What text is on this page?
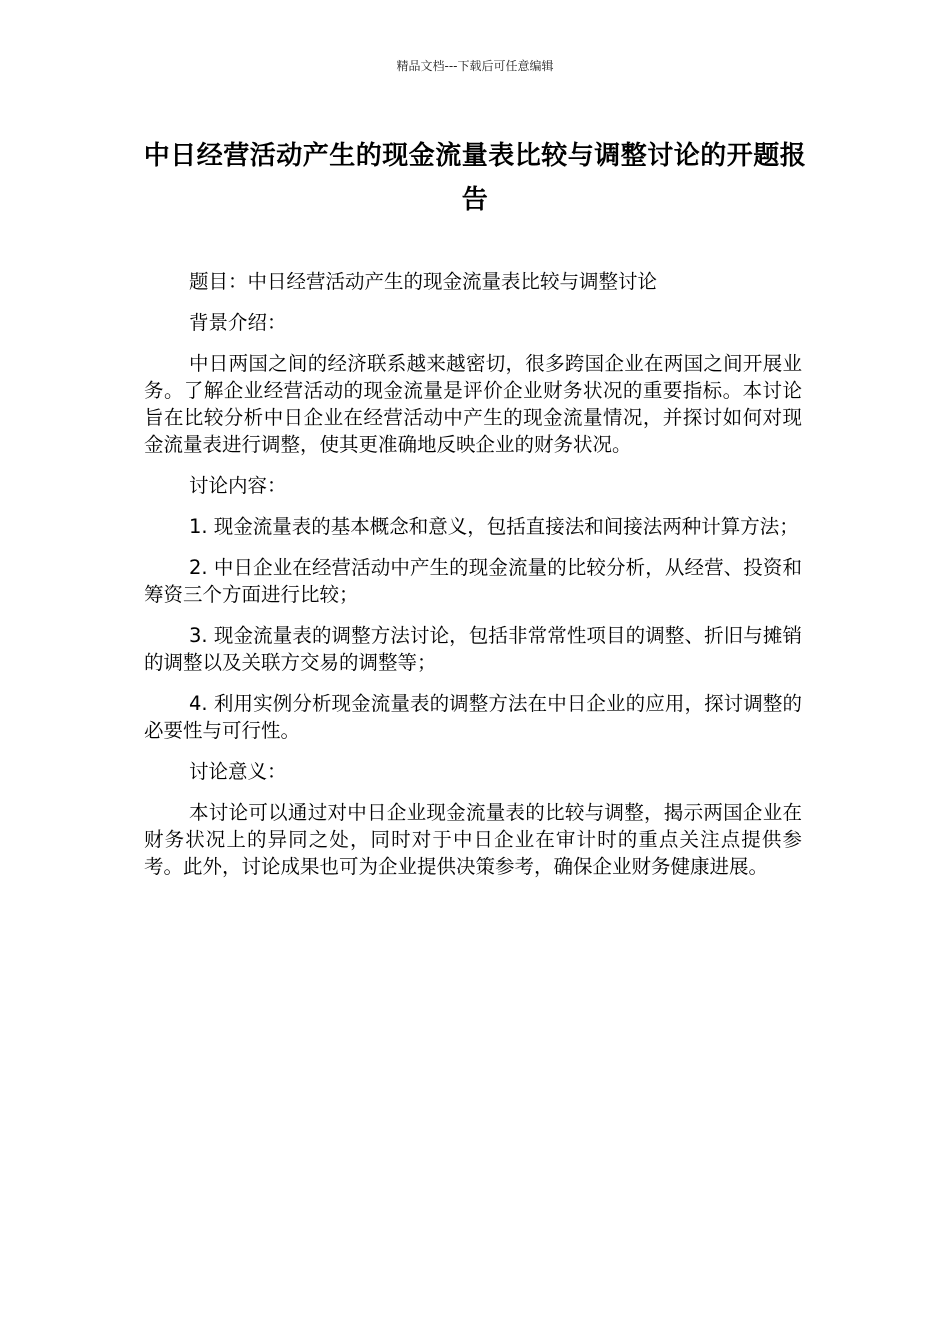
精品文档---下载后可任意编辑
中日经营活动产生的现金流量表比较与调整讨论的开题报告

题目：中日经营活动产生的现金流量表比较与调整讨论

背景介绍：

中日两国之间的经济联系越来越密切，很多跨国企业在两国之间开展业务。了解企业经营活动的现金流量是评价企业财务状况的重要指标。本讨论旨在比较分析中日企业在经营活动中产生的现金流量情况，并探讨如何对现金流量表进行调整，使其更准确地反映企业的财务状况。

讨论内容：

1. 现金流量表的基本概念和意义，包括直接法和间接法两种计算方法；

2. 中日企业在经营活动中产生的现金流量的比较分析，从经营、投资和筹资三个方面进行比较；

3. 现金流量表的调整方法讨论，包括非常常性项目的调整、折旧与摊销的调整以及关联方交易的调整等；

4. 利用实例分析现金流量表的调整方法在中日企业的应用，探讨调整的必要性与可行性。

讨论意义：

本讨论可以通过对中日企业现金流量表的比较与调整，揭示两国企业在财务状况上的异同之处，同时对于中日企业在审计时的重点关注点提供参考。此外，讨论成果也可为企业提供决策参考，确保企业财务健康进展。
